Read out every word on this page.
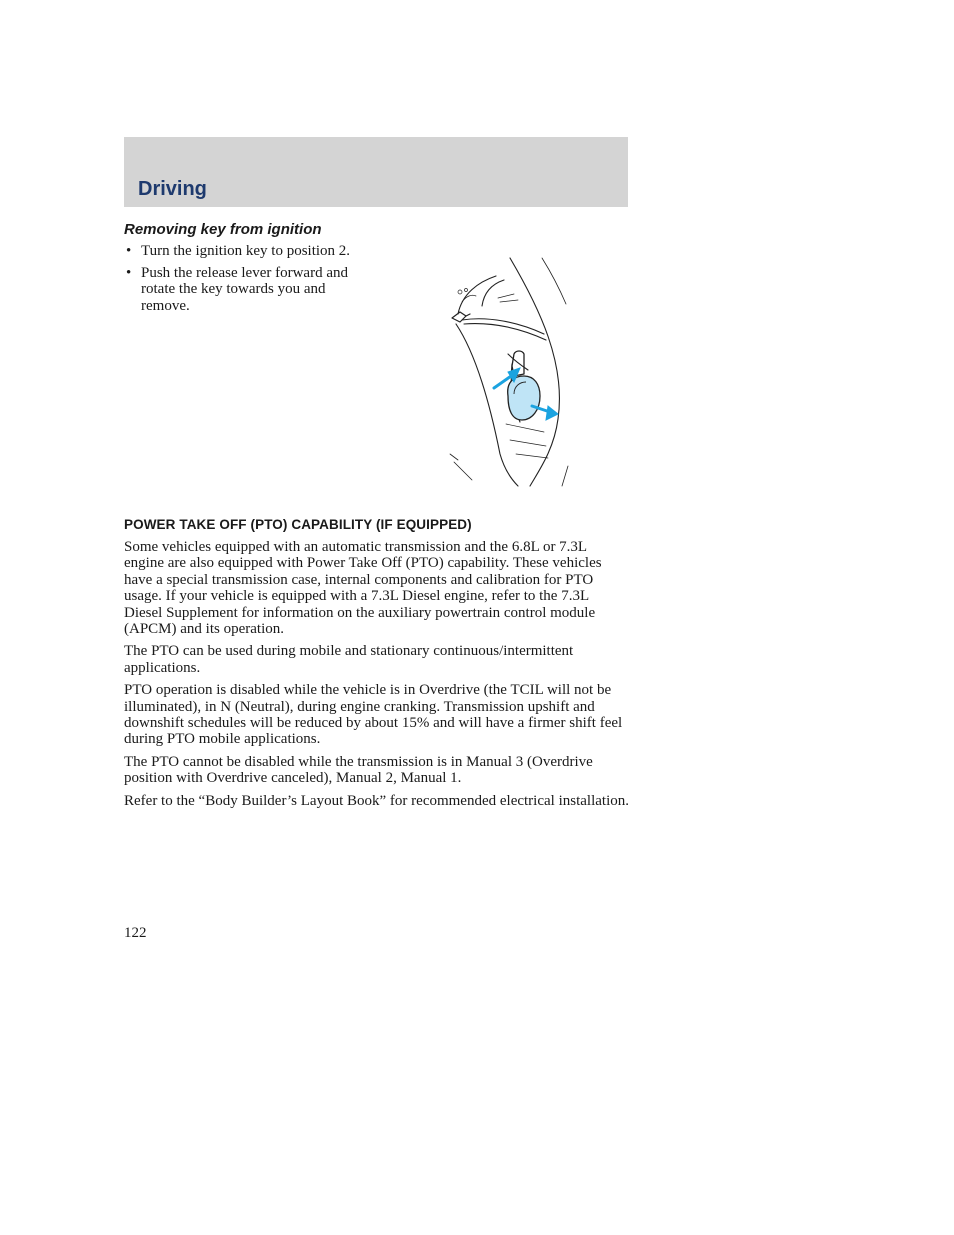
Driving
Removing key from ignition
• Turn the ignition key to position 2.
• Push the release lever forward and rotate the key towards you and remove.
POWER TAKE OFF (PTO) CAPABILITY (IF EQUIPPED)

Some vehicles equipped with an automatic transmission and the 6.8L or 7.3L engine are also equipped with Power Take Off (PTO) capability. These vehicles have a special transmission case, internal components and calibration for PTO usage. If your vehicle is equipped with a 7.3L Diesel engine, refer to the 7.3L Diesel Supplement for information on the auxiliary powertrain control module (APCM) and its operation.

The PTO can be used during mobile and stationary continuous/intermittent applications.

PTO operation is disabled while the vehicle is in Overdrive (the TCIL will not be illuminated), in N (Neutral), during engine cranking. Transmission upshift and downshift schedules will be reduced by about 15% and will have a firmer shift feel during PTO mobile applications.

The PTO cannot be disabled while the transmission is in Manual 3 (Overdrive position with Overdrive canceled), Manual 2, Manual 1.

Refer to the “Body Builder’s Layout Book” for recommended electrical installation.

122
